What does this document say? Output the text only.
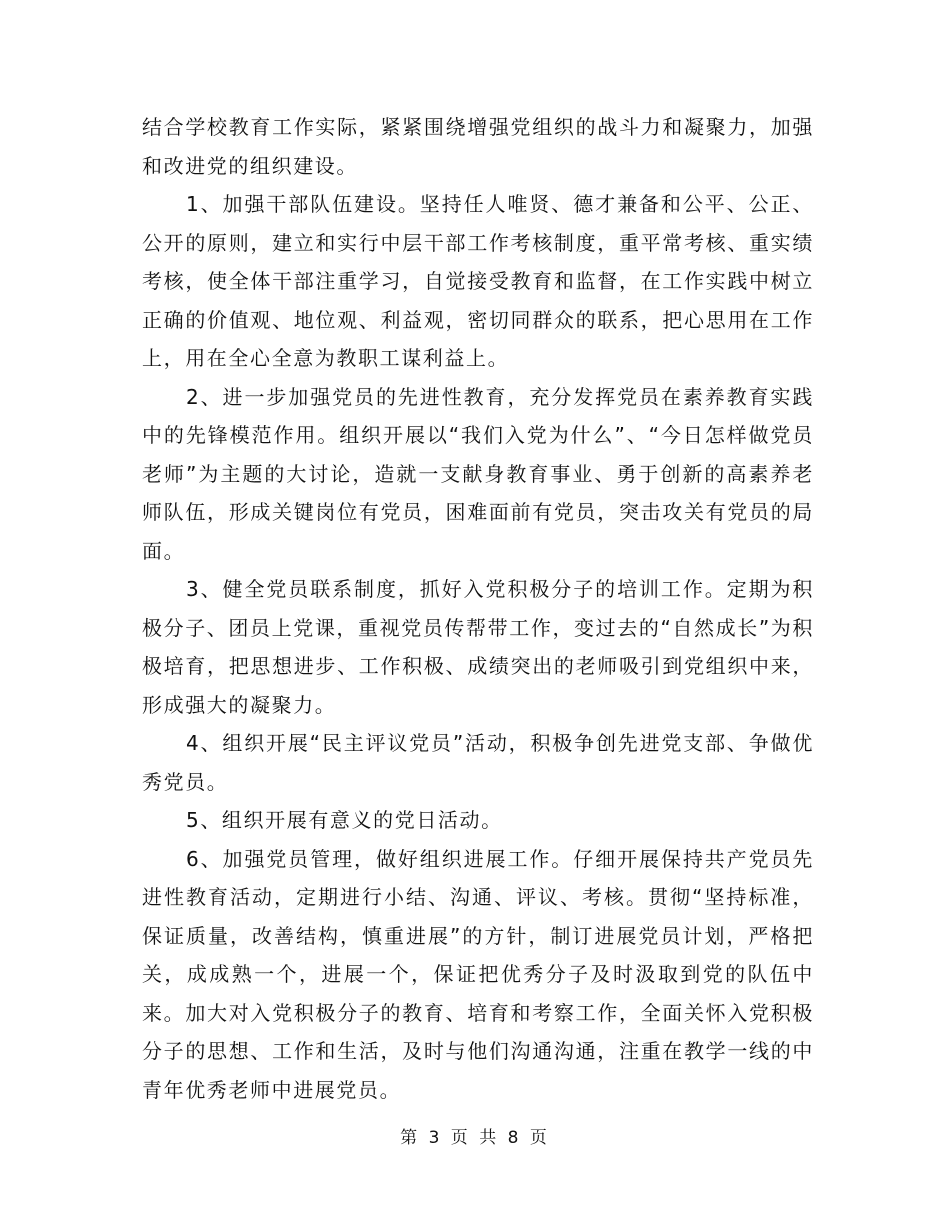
结合学校教育工作实际，紧紧围绕增强党组织的战斗力和凝聚力，加强和改进党的组织建设。

1、加强干部队伍建设。坚持任人唯贤、德才兼备和公平、公正、公开的原则，建立和实行中层干部工作考核制度，重平常考核、重实绩考核，使全体干部注重学习，自觉接受教育和监督，在工作实践中树立正确的价值观、地位观、利益观，密切同群众的联系，把心思用在工作上，用在全心全意为教职工谋利益上。

2、进一步加强党员的先进性教育，充分发挥党员在素养教育实践中的先锋模范作用。组织开展以“我们入党为什么”、“今日怎样做党员老师”为主题的大讨论，造就一支献身教育事业、勇于创新的高素养老师队伍，形成关键岗位有党员，困难面前有党员，突击攻关有党员的局面。

3、健全党员联系制度，抓好入党积极分子的培训工作。定期为积极分子、团员上党课，重视党员传帮带工作，变过去的“自然成长”为积极培育，把思想进步、工作积极、成绩突出的老师吸引到党组织中来，形成强大的凝聚力。

4、组织开展“民主评议党员”活动，积极争创先进党支部、争做优秀党员。

5、组织开展有意义的党日活动。

6、加强党员管理，做好组织进展工作。仔细开展保持共产党员先进性教育活动，定期进行小结、沟通、评议、考核。贯彻“坚持标准，保证质量，改善结构，慎重进展”的方针，制订进展党员计划，严格把关，成成熟一个，进展一个，保证把优秀分子及时汲取到党的队伍中来。加大对入党积极分子的教育、培育和考察工作，全面关怀入党积极分子的思想、工作和生活，及时与他们沟通沟通，注重在教学一线的中青年优秀老师中进展党员。

第 3 页 共 8 页
